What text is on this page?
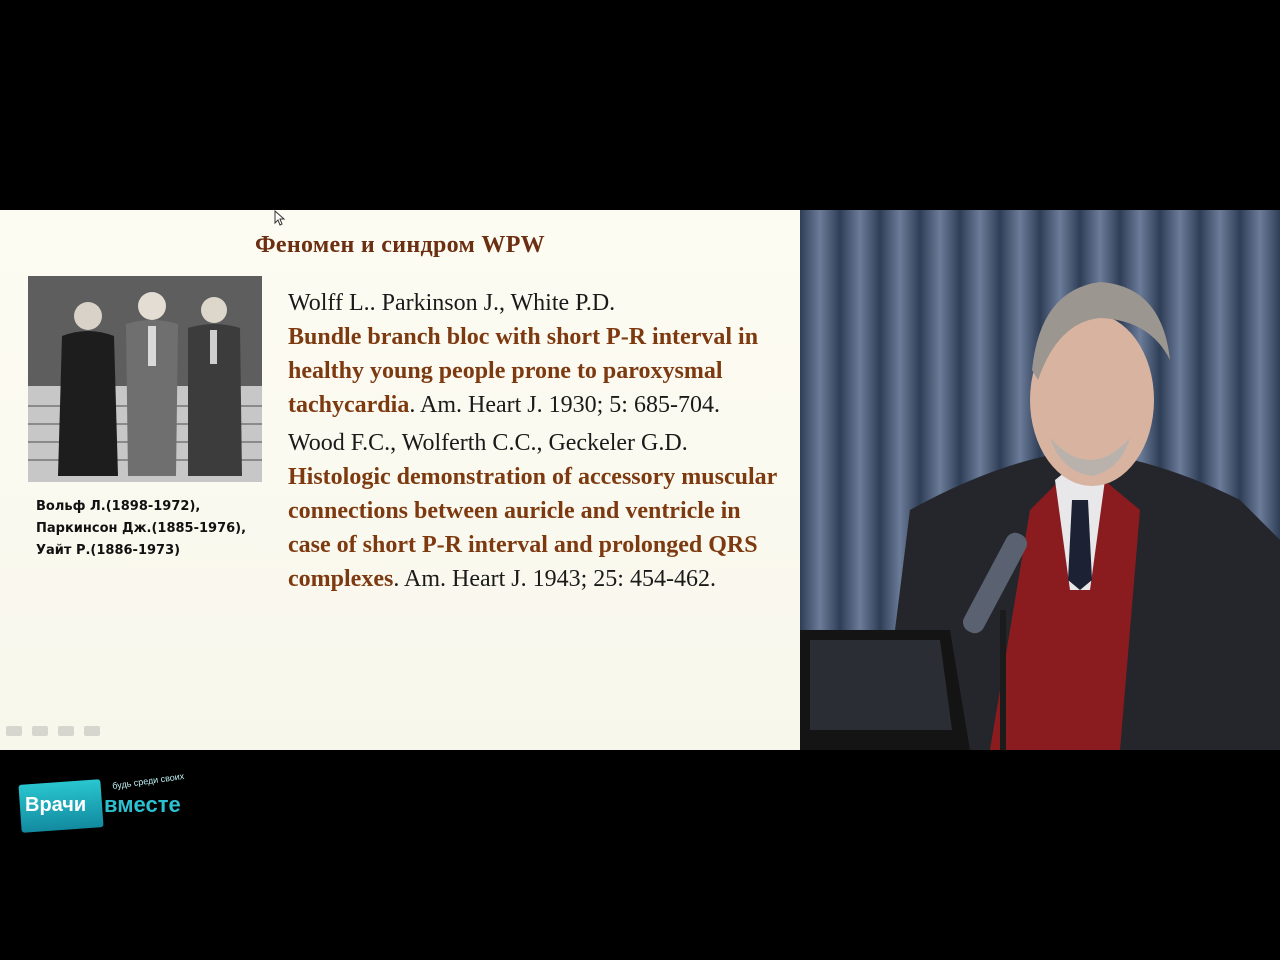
Феномен и синдром WPW
Вольф Л.(1898-1972), Паркинсон Дж.(1885-1976), Уайт Р.(1886-1973)

Wolff L.. Parkinson J., White P.D.
Bundle branch bloc with short P-R interval in healthy young people prone to paroxysmal tachycardia. Am. Heart J. 1930; 5: 685-704.

Wood F.C., Wolferth C.C., Geckeler G.D. Histologic demonstration of accessory muscular connections between auricle and ventricle in case of short P-R interval and prolonged QRS complexes. Am. Heart J. 1943; 25: 454-462.

Врачи вместе
будь среди своих
